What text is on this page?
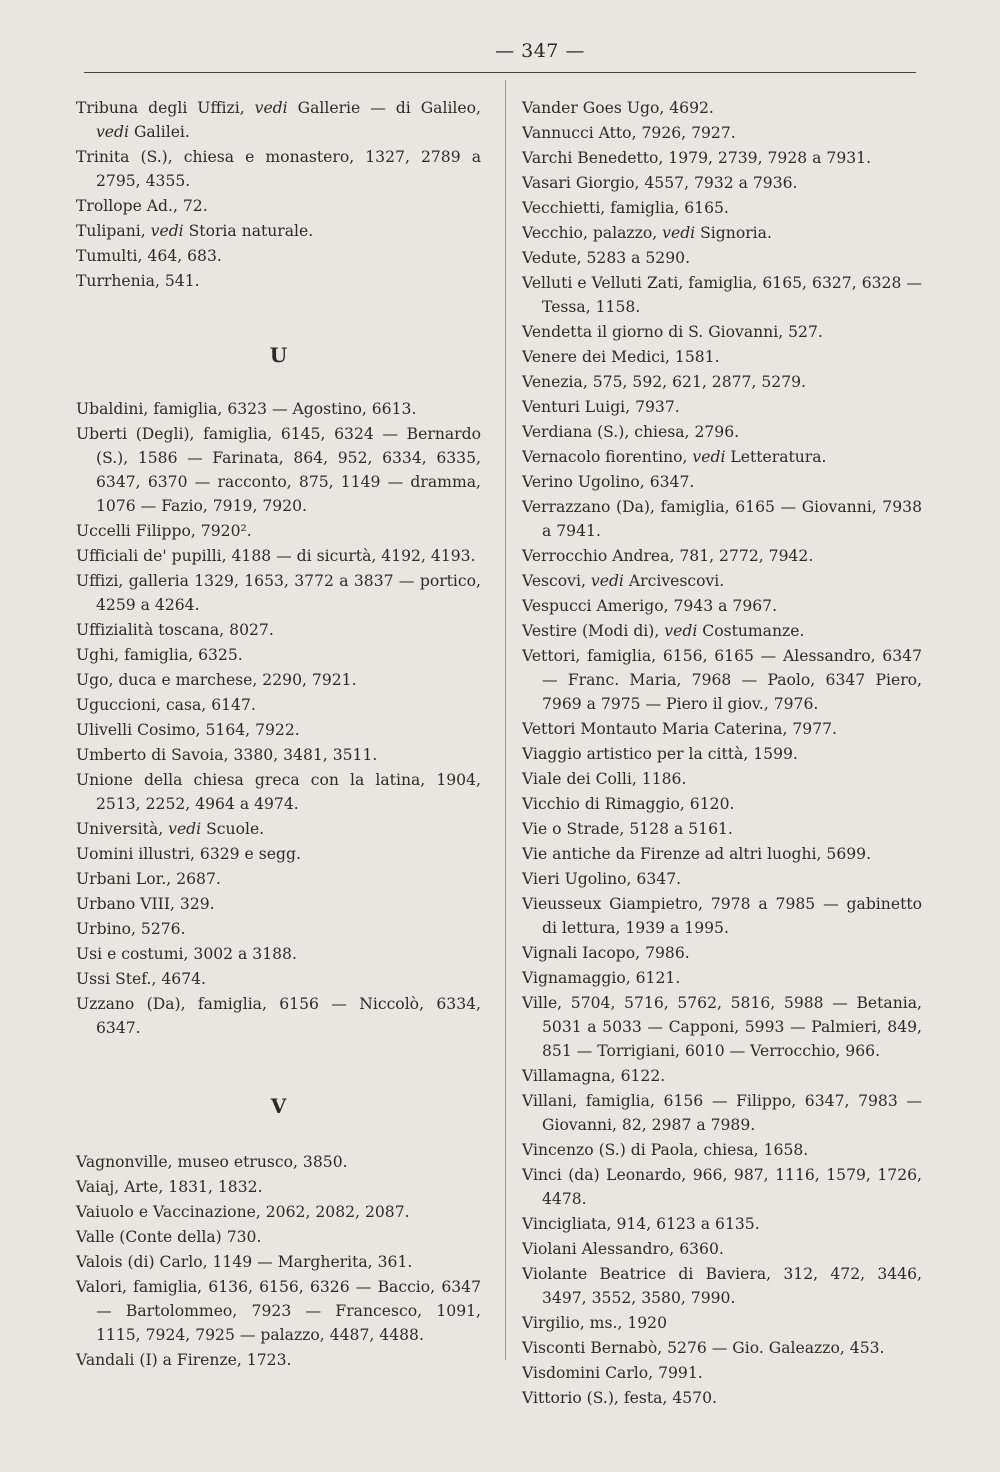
— 347 —

Tribuna degli Uffizi, vedi Gallerie — di Galileo, vedi Galilei.

Trinita (S.), chiesa e monastero, 1327, 2789 a 2795, 4355.

Trollope Ad., 72.

Tulipani, vedi Storia naturale.

Tumulti, 464, 683.

Turrhenia, 541.

U

Ubaldini, famiglia, 6323 — Agostino, 6613.

Uberti (Degli), famiglia, 6145, 6324 — Bernardo (S.), 1586 — Farinata, 864, 952, 6334, 6335, 6347, 6370 — racconto, 875, 1149 — dramma, 1076 — Fazio, 7919, 7920.

Uccelli Filippo, 7920².

Ufficiali de' pupilli, 4188 — di sicurtà, 4192, 4193.

Uffizi, galleria 1329, 1653, 3772 a 3837 — portico, 4259 a 4264.

Uffizialità toscana, 8027.

Ughi, famiglia, 6325.

Ugo, duca e marchese, 2290, 7921.

Uguccioni, casa, 6147.

Ulivelli Cosimo, 5164, 7922.

Umberto di Savoia, 3380, 3481, 3511.

Unione della chiesa greca con la latina, 1904, 2513, 2252, 4964 a 4974.

Università, vedi Scuole.

Uomini illustri, 6329 e segg.

Urbani Lor., 2687.

Urbano VIII, 329.

Urbino, 5276.

Usi e costumi, 3002 a 3188.

Ussi Stef., 4674.

Uzzano (Da), famiglia, 6156 — Niccolò, 6334, 6347.

V

Vagnonville, museo etrusco, 3850.

Vaiaj, Arte, 1831, 1832.

Vaiuolo e Vaccinazione, 2062, 2082, 2087.

Valle (Conte della) 730.

Valois (di) Carlo, 1149 — Margherita, 361.

Valori, famiglia, 6136, 6156, 6326 — Baccio, 6347 — Bartolommeo, 7923 — Francesco, 1091, 1115, 7924, 7925 — palazzo, 4487, 4488.

Vandali (I) a Firenze, 1723.

Vander Goes Ugo, 4692.

Vannucci Atto, 7926, 7927.

Varchi Benedetto, 1979, 2739, 7928 a 7931.

Vasari Giorgio, 4557, 7932 a 7936.

Vecchietti, famiglia, 6165.

Vecchio, palazzo, vedi Signoria.

Vedute, 5283 a 5290.

Velluti e Velluti Zati, famiglia, 6165, 6327, 6328 — Tessa, 1158.

Vendetta il giorno di S. Giovanni, 527.

Venere dei Medici, 1581.

Venezia, 575, 592, 621, 2877, 5279.

Venturi Luigi, 7937.

Verdiana (S.), chiesa, 2796.

Vernacolo fiorentino, vedi Letteratura.

Verino Ugolino, 6347.

Verrazzano (Da), famiglia, 6165 — Giovanni, 7938 a 7941.

Verrocchio Andrea, 781, 2772, 7942.

Vescovi, vedi Arcivescovi.

Vespucci Amerigo, 7943 a 7967.

Vestire (Modi di), vedi Costumanze.

Vettori, famiglia, 6156, 6165 — Alessandro, 6347 — Franc. Maria, 7968 — Paolo, 6347 Piero, 7969 a 7975 — Piero il giov., 7976.

Vettori Montauto Maria Caterina, 7977.

Viaggio artistico per la città, 1599.

Viale dei Colli, 1186.

Vicchio di Rimaggio, 6120.

Vie o Strade, 5128 a 5161.

Vie antiche da Firenze ad altri luoghi, 5699.

Vieri Ugolino, 6347.

Vieusseux Giampietro, 7978 a 7985 — gabinetto di lettura, 1939 a 1995.

Vignali Iacopo, 7986.

Vignamaggio, 6121.

Ville, 5704, 5716, 5762, 5816, 5988 — Betania, 5031 a 5033 — Capponi, 5993 — Palmieri, 849, 851 — Torrigiani, 6010 — Verrocchio, 966.

Villamagna, 6122.

Villani, famiglia, 6156 — Filippo, 6347, 7983 — Giovanni, 82, 2987 a 7989.

Vincenzo (S.) di Paola, chiesa, 1658.

Vinci (da) Leonardo, 966, 987, 1116, 1579, 1726, 4478.

Vincigliata, 914, 6123 a 6135.

Violani Alessandro, 6360.

Violante Beatrice di Baviera, 312, 472, 3446, 3497, 3552, 3580, 7990.

Virgilio, ms., 1920

Visconti Bernabò, 5276 — Gio. Galeazzo, 453.

Visdomini Carlo, 7991.

Vittorio (S.), festa, 4570.
